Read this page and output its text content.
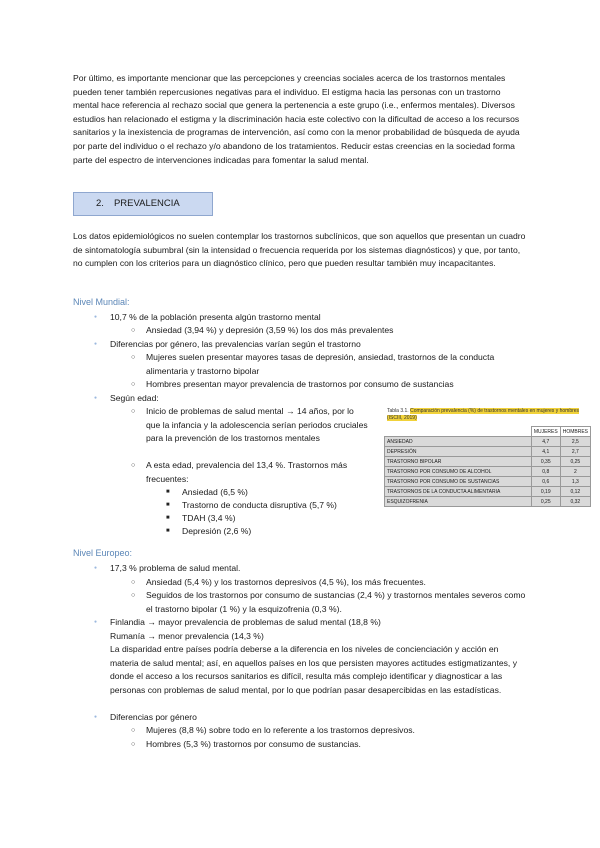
Por último, es importante mencionar que las percepciones y creencias sociales acerca de los trastornos mentales pueden tener también repercusiones negativas para el individuo. El estigma hacia las personas con un trastorno mental hace referencia al rechazo social que genera la pertenencia a este grupo (i.e., enfermos mentales). Diversos estudios han relacionado el estigma y la discriminación hacia este colectivo con la dificultad de acceso a los recursos sanitarios y la inexistencia de programas de intervención, así como con la menor probabilidad de búsqueda de ayuda por parte del individuo o el rechazo y/o abandono de los tratamientos. Reducir estas creencias en la sociedad forma parte del espectro de intervenciones indicadas para fomentar la salud mental.

2. PREVALENCIA

Los datos epidemiológicos no suelen contemplar los trastornos subclínicos, que son aquellos que presentan un cuadro de sintomatología subumbral (sin la intensidad o frecuencia requerida por los sistemas diagnósticos) y que, por tanto, no cumplen con los criterios para un diagnóstico clínico, pero que pueden resultar también muy incapacitantes.

Nivel Mundial:

● 10,7 % de la población presenta algún trastorno mental

○ Ansiedad (3,94 %) y depresión (3,59 %) los dos más prevalentes

● Diferencias por género, las prevalencias varían según el trastorno

○ Mujeres suelen presentar mayores tasas de depresión, ansiedad, trastornos de la conducta alimentaria y trastorno bipolar

○ Hombres presentan mayor prevalencia de trastornos por consumo de sustancias

● Según edad:

○ Inicio de problemas de salud mental → 14 años, por lo que la infancia y la adolescencia serían periodos cruciales para la prevención de los trastornos mentales

○ A esta edad, prevalencia del 13,4 %. Trastornos más frecuentes:

■ Ansiedad (6,5 %)

■ Trastorno de conducta disruptiva (5,7 %)

■ TDAH (3,4 %)

■ Depresión (2,6 %)

Tabla 3.1. Comparación prevalencia (%) de trastornos mentales en mujeres y hombres (ISCIII, 2019)
	MUJERES	HOMBRES
ANSIEDAD	4,7	2,5
DEPRESIÓN	4,1	2,7
TRASTORNO BIPOLAR	0,35	0,25
TRASTORNO POR CONSUMO DE ALCOHOL	0,8	2
TRASTORNO POR CONSUMO DE SUSTANCIAS	0,6	1,3
TRASTORNOS DE LA CONDUCTA ALIMENTARIA	0,19	0,12
ESQUIZOFRENIA	0,25	0,32

Nivel Europeo:

● 17,3 % problema de salud mental.

○ Ansiedad (5,4 %) y los trastornos depresivos (4,5 %), los más frecuentes.

○ Seguidos de los trastornos por consumo de sustancias (2,4 %) y trastornos mentales severos como el trastorno bipolar (1 %) y la esquizofrenia (0,3 %).

● Finlandia → mayor prevalencia de problemas de salud mental (18,8 %)

Rumanía → menor prevalencia (14,3 %)

La disparidad entre países podría deberse a la diferencia en los niveles de concienciación y acción en materia de salud mental; así, en aquellos países en los que persisten mayores actitudes estigmatizantes, y donde el acceso a los recursos sanitarios es difícil, resulta más complejo identificar y diagnosticar a las personas con problemas de salud mental, por lo que podrían pasar desapercibidas en las estadísticas.

● Diferencias por género

○ Mujeres (8,8 %) sobre todo en lo referente a los trastornos depresivos.

○ Hombres (5,3 %) trastornos por consumo de sustancias.
